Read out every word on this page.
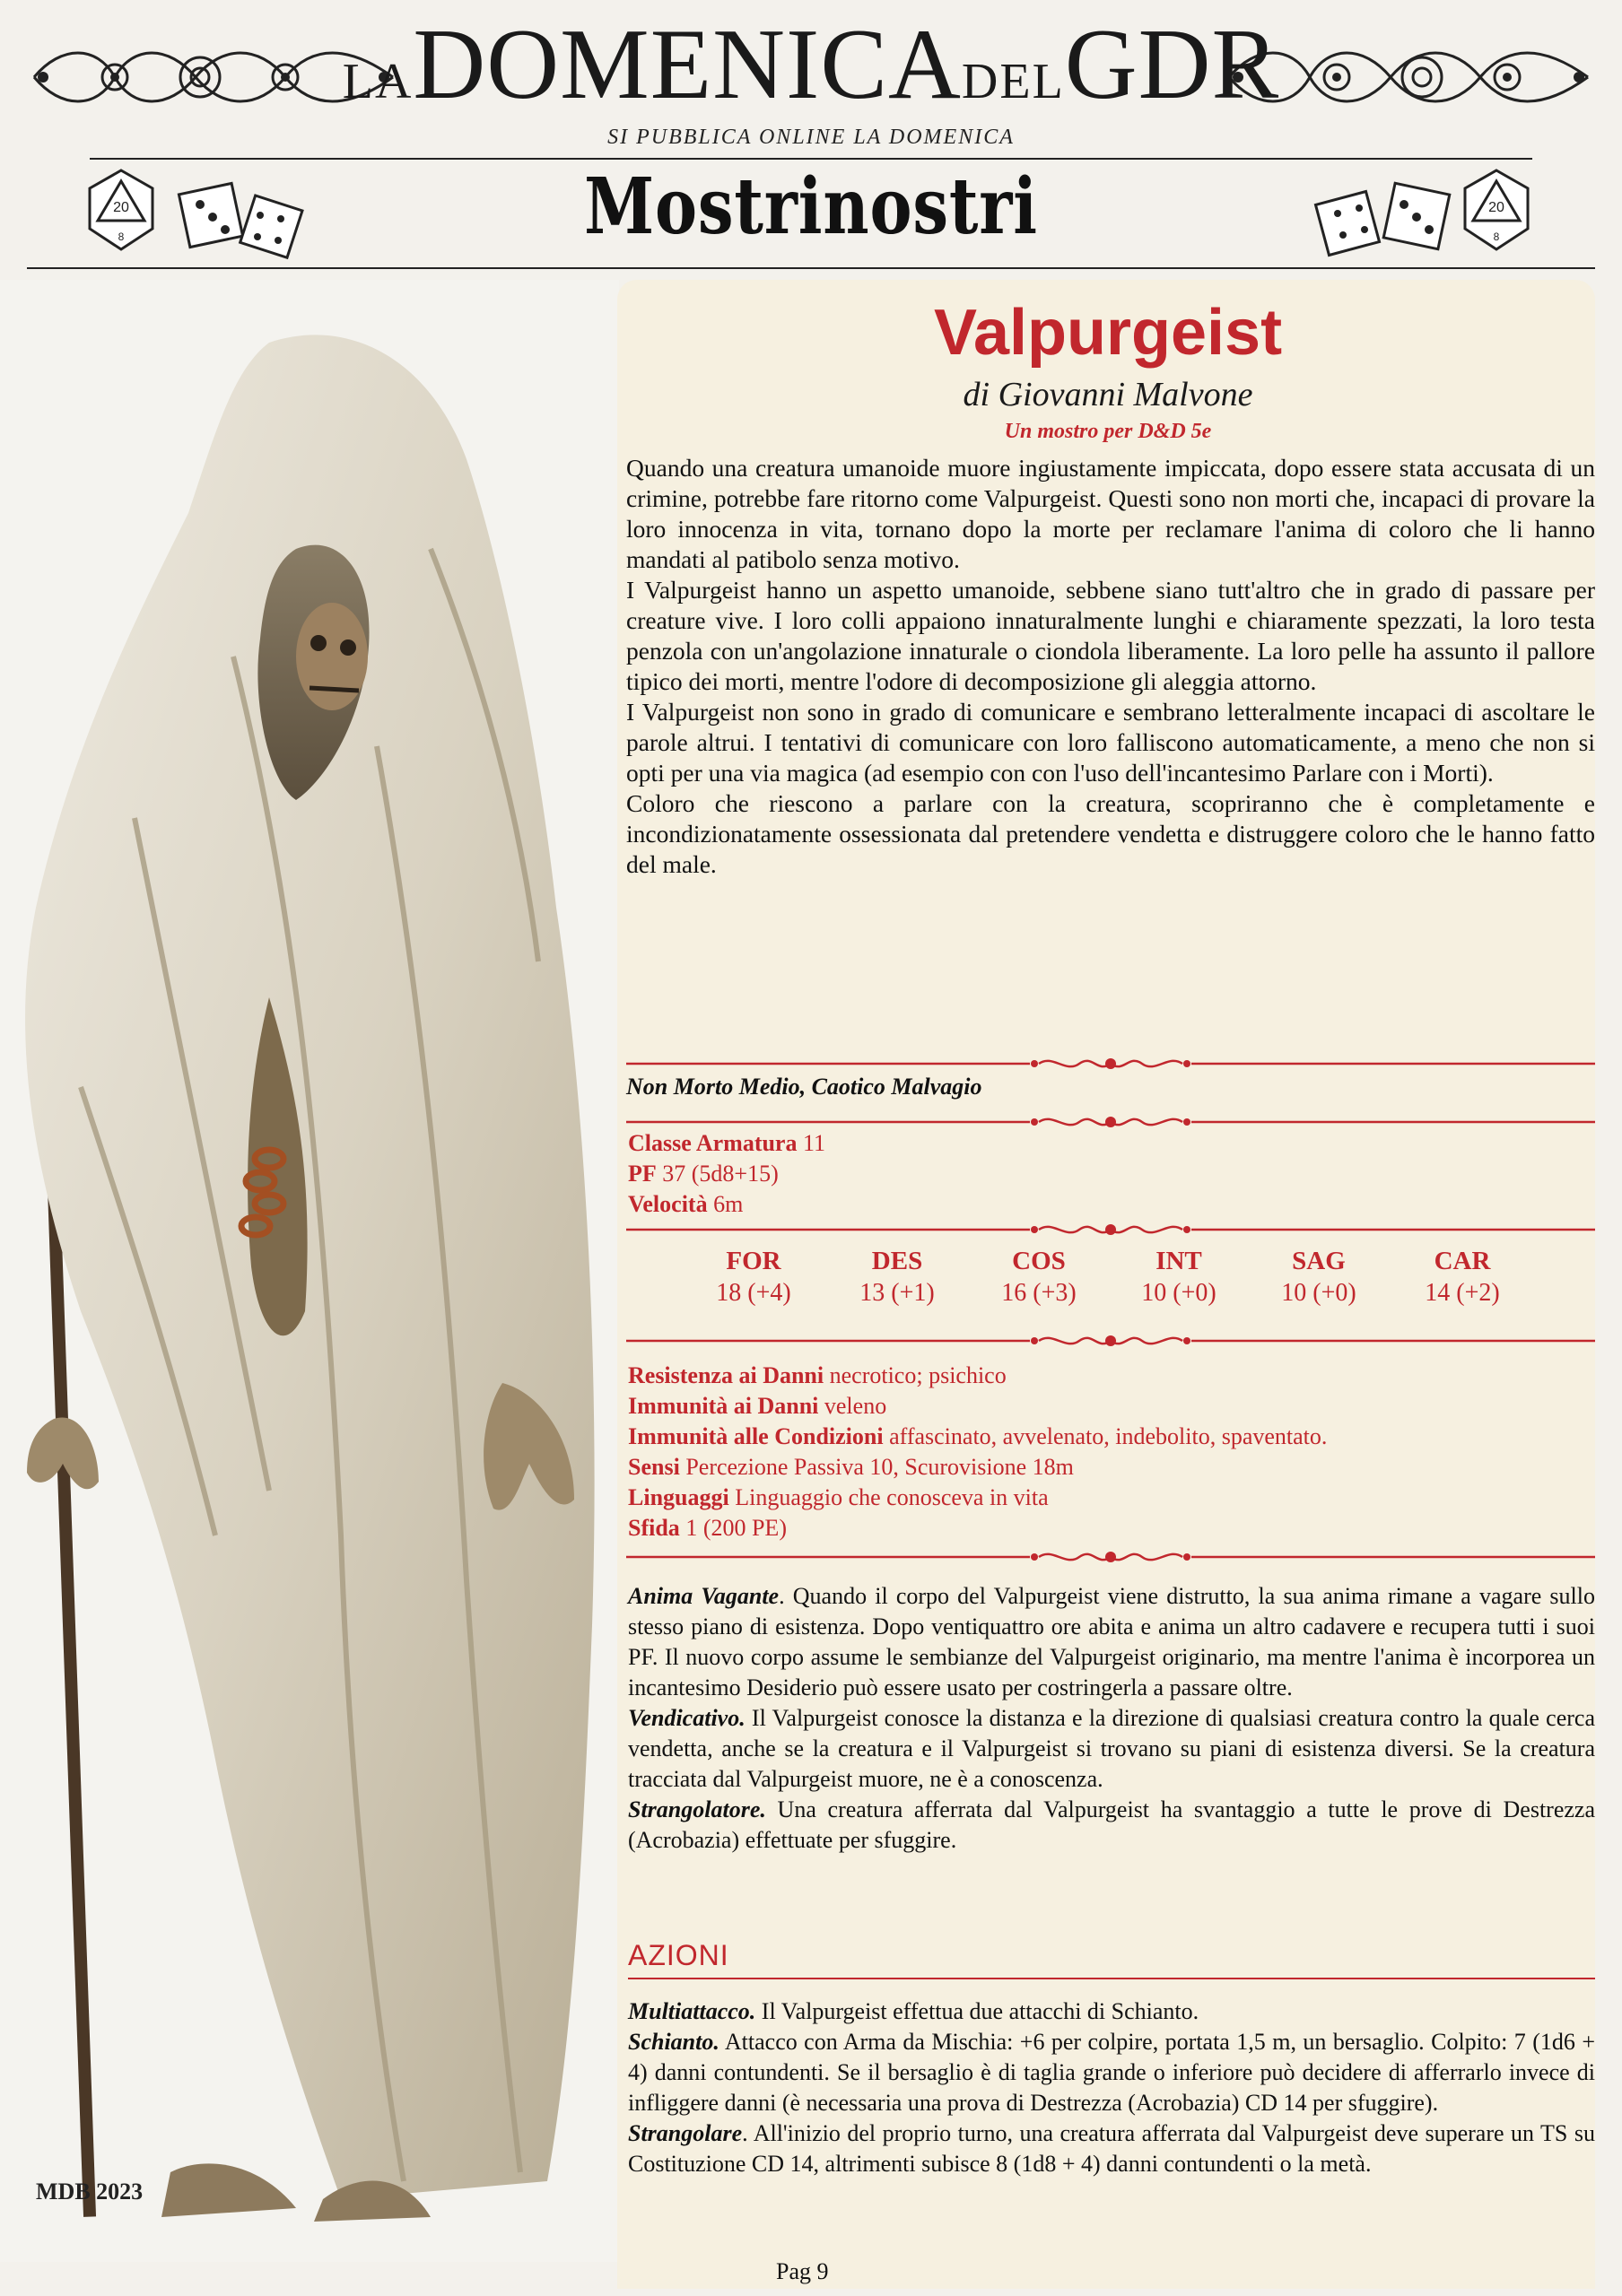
LADOMENICADELGDR
SI PUBBLICA ONLINE LA DOMENICA
20
8	Mostrinostri	20
8
MDB 2023
Valpurgeist
di Giovanni Malvone
Un mostro per D&D 5e

Quando una creatura umanoide muore ingiustamente impiccata, dopo essere stata accusata di un crimine, potrebbe fare ritorno come Valpurgeist. Questi sono non morti che, incapaci di provare la loro innocenza in vita, tornano dopo la morte per reclamare l'anima di coloro che li hanno mandati al patibolo senza motivo.

I Valpurgeist hanno un aspetto umanoide, sebbene siano tutt'altro che in grado di passare per creature vive. I loro colli appaiono innaturalmente lunghi e chiaramente spezzati, la loro testa penzola con un'angolazione innaturale o ciondola liberamente. La loro pelle ha assunto il pallore tipico dei morti, mentre l'odore di decomposizione gli aleggia attorno.

I Valpurgeist non sono in grado di comunicare e sembrano letteralmente incapaci di ascoltare le parole altrui. I tentativi di comunicare con loro falliscono automaticamente, a meno che non si opti per una via magica (ad esempio con con l'uso dell'incantesimo Parlare con i Morti).

Coloro che riescono a parlare con la creatura, scopriranno che è completamente e incondizionatamente ossessionata dal pretendere vendetta e distruggere coloro che le hanno fatto del male.

Non Morto Medio, Caotico Malvagio
Classe Armatura 11
PF 37 (5d8+15)
Velocità 6m
FOR
18 (+4)
DES
13 (+1)
COS
16 (+3)
INT
10 (+0)
SAG
10 (+0)
CAR
14 (+2)
Resistenza ai Danni necrotico; psichico
Immunità ai Danni veleno
Immunità alle Condizioni affascinato, avvelenato, indebolito, spaventato.
Sensi Percezione Passiva 10, Scurovisione 18m
Linguaggi Linguaggio che conosceva in vita
Sfida 1 (200 PE)

Anima Vagante. Quando il corpo del Valpurgeist viene distrutto, la sua anima rimane a vagare sullo stesso piano di esistenza. Dopo ventiquattro ore abita e anima un altro cadavere e recupera tutti i suoi PF. Il nuovo corpo assume le sembianze del Valpurgeist originario, ma mentre l'anima è incorporea un incantesimo Desiderio può essere usato per costringerla a passare oltre.

Vendicativo. Il Valpurgeist conosce la distanza e la direzione di qualsiasi creatura contro la quale cerca vendetta, anche se la creatura e il Valpurgeist si trovano su piani di esistenza diversi. Se la creatura tracciata dal Valpurgeist muore, ne è a conoscenza.

Strangolatore. Una creatura afferrata dal Valpurgeist ha svantaggio a tutte le prove di Destrezza (Acrobazia) effettuate per sfuggire.

AZIONI

Multiattacco. Il Valpurgeist effettua due attacchi di Schianto.

Schianto. Attacco con Arma da Mischia: +6 per colpire, portata 1,5 m, un bersaglio. Colpito: 7 (1d6 + 4) danni contundenti. Se il bersaglio è di taglia grande o inferiore può decidere di afferrarlo invece di infliggere danni (è necessaria una prova di Destrezza (Acrobazia) CD 14 per sfuggire).

Strangolare. All'inizio del proprio turno, una creatura afferrata dal Valpurgeist deve superare un TS su Costituzione CD 14, altrimenti subisce 8 (1d8 + 4) danni contundenti o la metà.

Pag 9
